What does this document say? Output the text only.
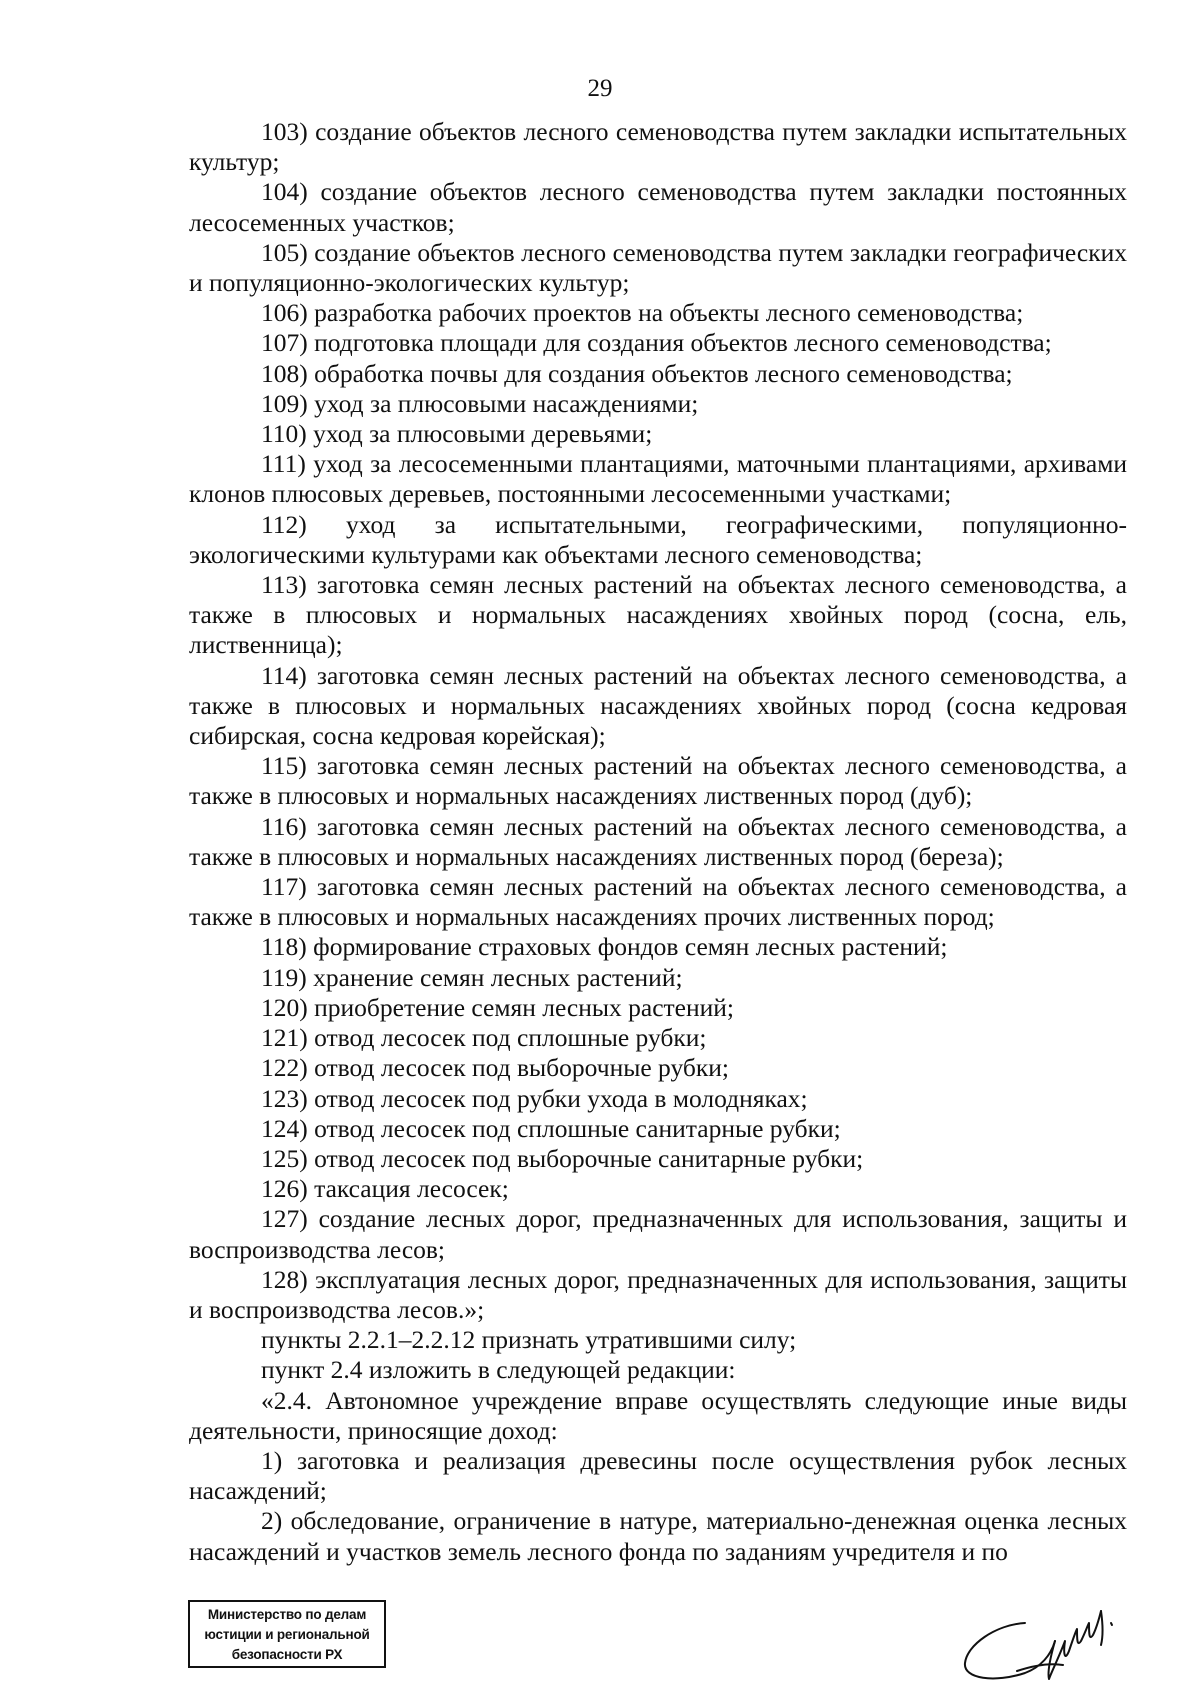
29

103) создание объектов лесного семеноводства путем закладки испытательных культур;

104) создание объектов лесного семеноводства путем закладки постоянных лесосеменных участков;

105) создание объектов лесного семеноводства путем закладки географических и популяционно-экологических культур;

106) разработка рабочих проектов на объекты лесного семеноводства;

107) подготовка площади для создания объектов лесного семеноводства;

108) обработка почвы для создания объектов лесного семеноводства;

109) уход за плюсовыми насаждениями;

110) уход за плюсовыми деревьями;

111) уход за лесосеменными плантациями, маточными плантациями, архивами клонов плюсовых деревьев, постоянными лесосеменными участками;

112) уход за испытательными, географическими, популяционно-экологическими культурами как объектами лесного семеноводства;

113) заготовка семян лесных растений на объектах лесного семеноводства, а также в плюсовых и нормальных насаждениях хвойных пород (сосна, ель, лиственница);

114) заготовка семян лесных растений на объектах лесного семеноводства, а также в плюсовых и нормальных насаждениях хвойных пород (сосна кедровая сибирская, сосна кедровая корейская);

115) заготовка семян лесных растений на объектах лесного семеноводства, а также в плюсовых и нормальных насаждениях лиственных пород (дуб);

116) заготовка семян лесных растений на объектах лесного семеноводства, а также в плюсовых и нормальных насаждениях лиственных пород (береза);

117) заготовка семян лесных растений на объектах лесного семеноводства, а также в плюсовых и нормальных насаждениях прочих лиственных пород;

118) формирование страховых фондов семян лесных растений;

119) хранение семян лесных растений;

120) приобретение семян лесных растений;

121) отвод лесосек под сплошные рубки;

122) отвод лесосек под выборочные рубки;

123) отвод лесосек под рубки ухода в молодняках;

124) отвод лесосек под сплошные санитарные рубки;

125) отвод лесосек под выборочные санитарные рубки;

126) таксация лесосек;

127) создание лесных дорог, предназначенных для использования, защиты и воспроизводства лесов;

128) эксплуатация лесных дорог, предназначенных для использования, защиты и воспроизводства лесов.»;

пункты 2.2.1–2.2.12 признать утратившими силу;

пункт 2.4 изложить в следующей редакции:

«2.4. Автономное учреждение вправе осуществлять следующие иные виды деятельности, приносящие доход:

1) заготовка и реализация древесины после осуществления рубок лесных насаждений;

2) обследование, ограничение в натуре, материально-денежная оценка лесных насаждений и участков земель лесного фонда по заданиям учредителя и по

Министерство по делам
юстиции и региональной
безопасности РХ
